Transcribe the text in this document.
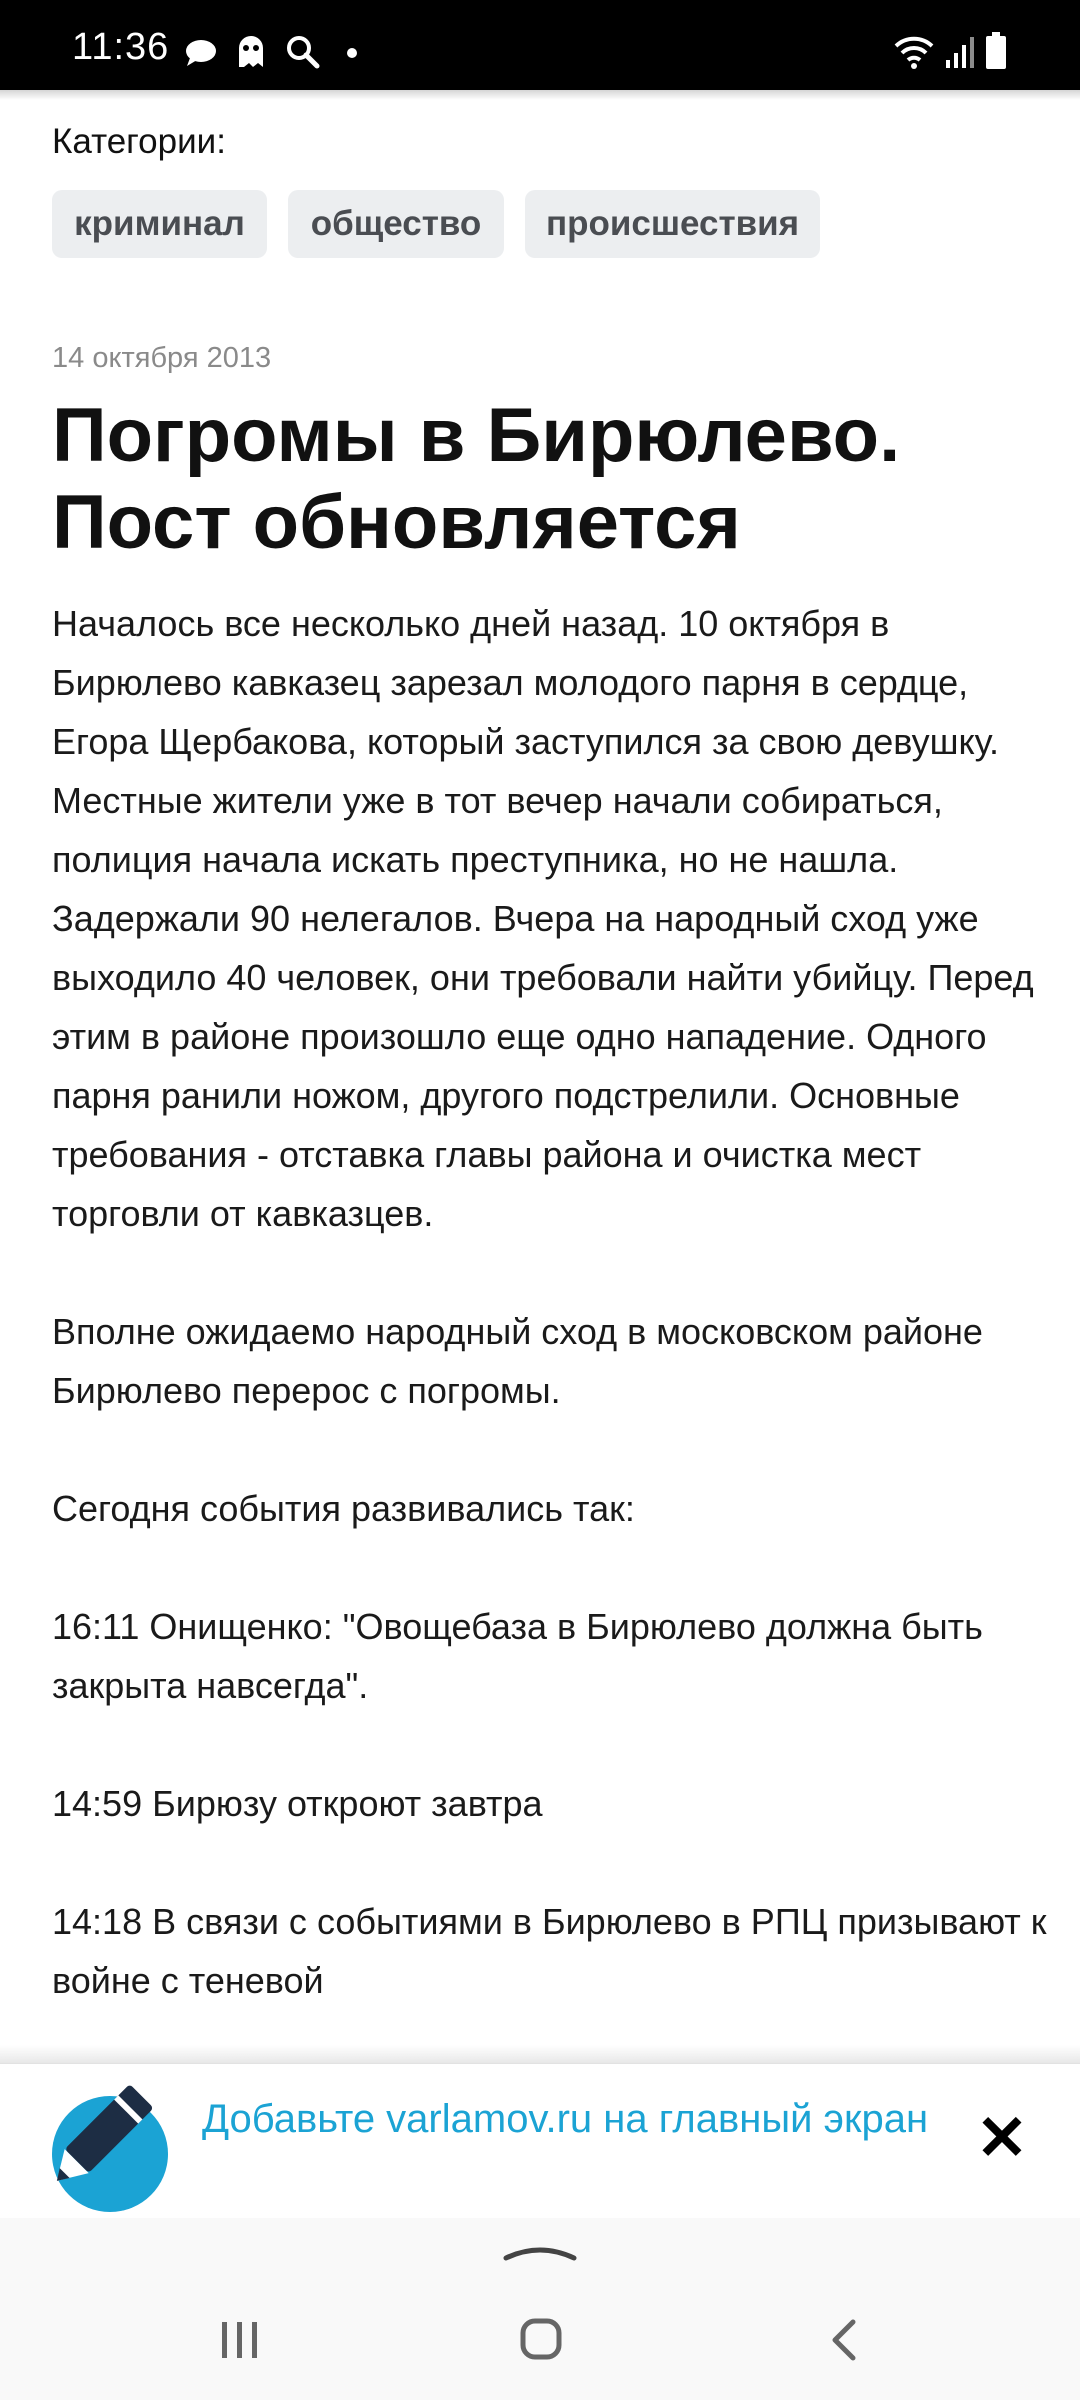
11:36
Категории:
криминал	общество	происшествия
14 октября 2013
Погромы в Бирюлево. Пост обновляется

Началось все несколько дней назад. 10 октября в Бирюлево кавказец зарезал молодого парня в сердце, Егора Щербакова, который заступился за свою девушку. Местные жители уже в тот вечер начали собираться, полиция начала искать преступника, но не нашла. Задержали 90 нелегалов. Вчера на народный сход уже выходило 40 человек, они требовали найти убийцу. Перед этим в районе произошло еще одно нападение. Одного парня ранили ножом, другого подстрелили. Основные требования - отставка главы района и очистка мест торговли от кавказцев.

Вполне ожидаемо народный сход в московском районе Бирюлево перерос с погромы.

Сегодня события развивались так:

16:11 Онищенко: "Овощебаза в Бирюлево должна быть закрыта навсегда".

14:59 Бирюзу откроют завтра

14:18 В связи с событиями в Бирюлево в РПЦ призывают к войне с теневой

Добавьте varlamov.ru на главный экран ✕
